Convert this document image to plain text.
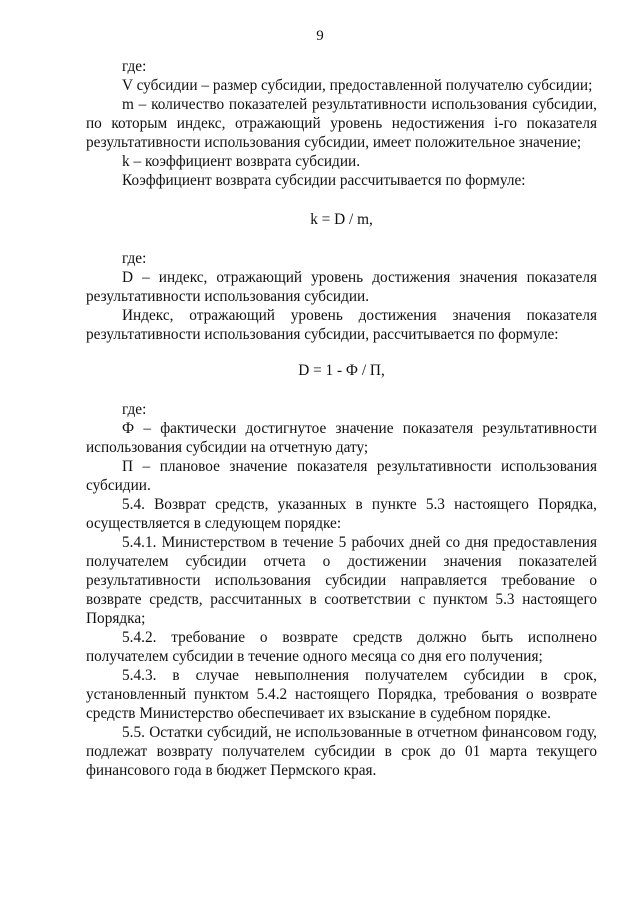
9

где:

V субсидии – размер субсидии, предоставленной получателю субсидии;

m – количество показателей результативности использования субсидии, по которым индекс, отражающий уровень недостижения i-го показателя результативности использования субсидии, имеет положительное значение;

k – коэффициент возврата субсидии.

Коэффициент возврата субсидии рассчитывается по формуле:

k = D / m,

где:

D – индекс, отражающий уровень достижения значения показателя результативности использования субсидии.

Индекс, отражающий уровень достижения значения показателя результативности использования субсидии, рассчитывается по формуле:

D = 1 - Ф / П,

где:

Ф – фактически достигнутое значение показателя результативности использования субсидии на отчетную дату;

П – плановое значение показателя результативности использования субсидии.

5.4. Возврат средств, указанных в пункте 5.3 настоящего Порядка, осуществляется в следующем порядке:

5.4.1. Министерством в течение 5 рабочих дней со дня предоставления получателем субсидии отчета о достижении значения показателей результативности использования субсидии направляется требование о возврате средств, рассчитанных в соответствии с пунктом 5.3 настоящего Порядка;

5.4.2. требование о возврате средств должно быть исполнено получателем субсидии в течение одного месяца со дня его получения;

5.4.3. в случае невыполнения получателем субсидии в срок, установленный пунктом 5.4.2 настоящего Порядка, требования о возврате средств Министерство обеспечивает их взыскание в судебном порядке.

5.5. Остатки субсидий, не использованные в отчетном финансовом году, подлежат возврату получателем субсидии в срок до 01 марта текущего финансового года в бюджет Пермского края.
